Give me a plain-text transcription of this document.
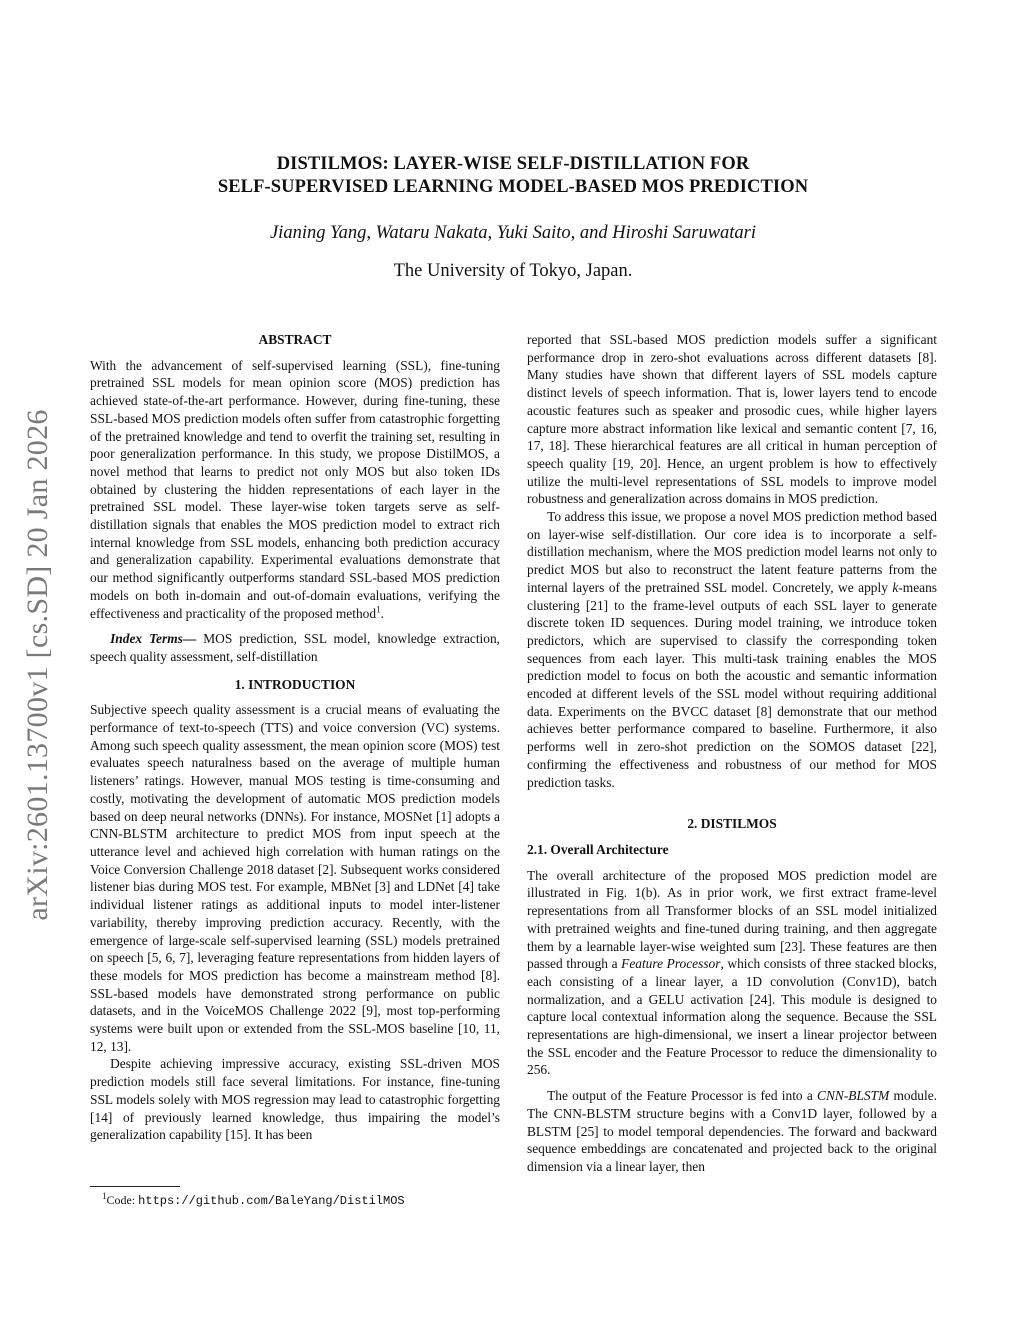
arXiv:2601.13700v1 [cs.SD] 20 Jan 2026
DISTILMOS: LAYER-WISE SELF-DISTILLATION FOR
SELF-SUPERVISED LEARNING MODEL-BASED MOS PREDICTION
Jianing Yang, Wataru Nakata, Yuki Saito, and Hiroshi Saruwatari
The University of Tokyo, Japan.
ABSTRACT

With the advancement of self-supervised learning (SSL), fine-tuning pretrained SSL models for mean opinion score (MOS) prediction has achieved state-of-the-art performance. However, during fine-tuning, these SSL-based MOS prediction models often suffer from catastrophic forgetting of the pretrained knowledge and tend to overfit the training set, resulting in poor generalization performance. In this study, we propose DistilMOS, a novel method that learns to predict not only MOS but also token IDs obtained by clustering the hidden representations of each layer in the pretrained SSL model. These layer-wise token targets serve as self-distillation signals that enables the MOS prediction model to extract rich internal knowledge from SSL models, enhancing both prediction accuracy and generalization capability. Experimental evaluations demonstrate that our method significantly outperforms standard SSL-based MOS prediction models on both in-domain and out-of-domain evaluations, verifying the effectiveness and practicality of the proposed method$^1$.

Index Terms— MOS prediction, SSL model, knowledge extraction, speech quality assessment, self-distillation

1. INTRODUCTION

Subjective speech quality assessment is a crucial means of evaluating the performance of text-to-speech (TTS) and voice conversion (VC) systems. Among such speech quality assessment, the mean opinion score (MOS) test evaluates speech naturalness based on the average of multiple human listeners’ ratings. However, manual MOS testing is time-consuming and costly, motivating the development of automatic MOS prediction models based on deep neural networks (DNNs). For instance, MOSNet [1] adopts a CNN-BLSTM architecture to predict MOS from input speech at the utterance level and achieved high correlation with human ratings on the Voice Conversion Challenge 2018 dataset [2]. Subsequent works considered listener bias during MOS test. For example, MBNet [3] and LDNet [4] take individual listener ratings as additional inputs to model inter-listener variability, thereby improving prediction accuracy. Recently, with the emergence of large-scale self-supervised learning (SSL) models pretrained on speech [5, 6, 7], leveraging feature representations from hidden layers of these models for MOS prediction has become a mainstream method [8]. SSL-based models have demonstrated strong performance on public datasets, and in the VoiceMOS Challenge 2022 [9], most top-performing systems were built upon or extended from the SSL-MOS baseline [10, 11, 12, 13].

Despite achieving impressive accuracy, existing SSL-driven MOS prediction models still face several limitations. For instance, fine-tuning SSL models solely with MOS regression may lead to catastrophic forgetting [14] of previously learned knowledge, thus impairing the model’s generalization capability [15]. It has been

reported that SSL-based MOS prediction models suffer a significant performance drop in zero-shot evaluations across different datasets [8]. Many studies have shown that different layers of SSL models capture distinct levels of speech information. That is, lower layers tend to encode acoustic features such as speaker and prosodic cues, while higher layers capture more abstract information like lexical and semantic content [7, 16, 17, 18]. These hierarchical features are all critical in human perception of speech quality [19, 20]. Hence, an urgent problem is how to effectively utilize the multi-level representations of SSL models to improve model robustness and generalization across domains in MOS prediction.

To address this issue, we propose a novel MOS prediction method based on layer-wise self-distillation. Our core idea is to incorporate a self-distillation mechanism, where the MOS prediction model learns not only to predict MOS but also to reconstruct the latent feature patterns from the internal layers of the pretrained SSL model. Concretely, we apply k-means clustering [21] to the frame-level outputs of each SSL layer to generate discrete token ID sequences. During model training, we introduce token predictors, which are supervised to classify the corresponding token sequences from each layer. This multi-task training enables the MOS prediction model to focus on both the acoustic and semantic information encoded at different levels of the SSL model without requiring additional data. Experiments on the BVCC dataset [8] demonstrate that our method achieves better performance compared to baseline. Furthermore, it also performs well in zero-shot prediction on the SOMOS dataset [22], confirming the effectiveness and robustness of our method for MOS prediction tasks.

2. DISTILMOS
2.1. Overall Architecture

The overall architecture of the proposed MOS prediction model are illustrated in Fig. 1(b). As in prior work, we first extract frame-level representations from all Transformer blocks of an SSL model initialized with pretrained weights and fine-tuned during training, and then aggregate them by a learnable layer-wise weighted sum [23]. These features are then passed through a Feature Processor, which consists of three stacked blocks, each consisting of a linear layer, a 1D convolution (Conv1D), batch normalization, and a GELU activation [24]. This module is designed to capture local contextual information along the sequence. Because the SSL representations are high-dimensional, we insert a linear projector between the SSL encoder and the Feature Processor to reduce the dimensionality to 256.

The output of the Feature Processor is fed into a CNN-BLSTM module. The CNN-BLSTM structure begins with a Conv1D layer, followed by a BLSTM [25] to model temporal dependencies. The forward and backward sequence embeddings are concatenated and projected back to the original dimension via a linear layer, then

$^1$Code: https://github.com/BaleYang/DistilMOS
